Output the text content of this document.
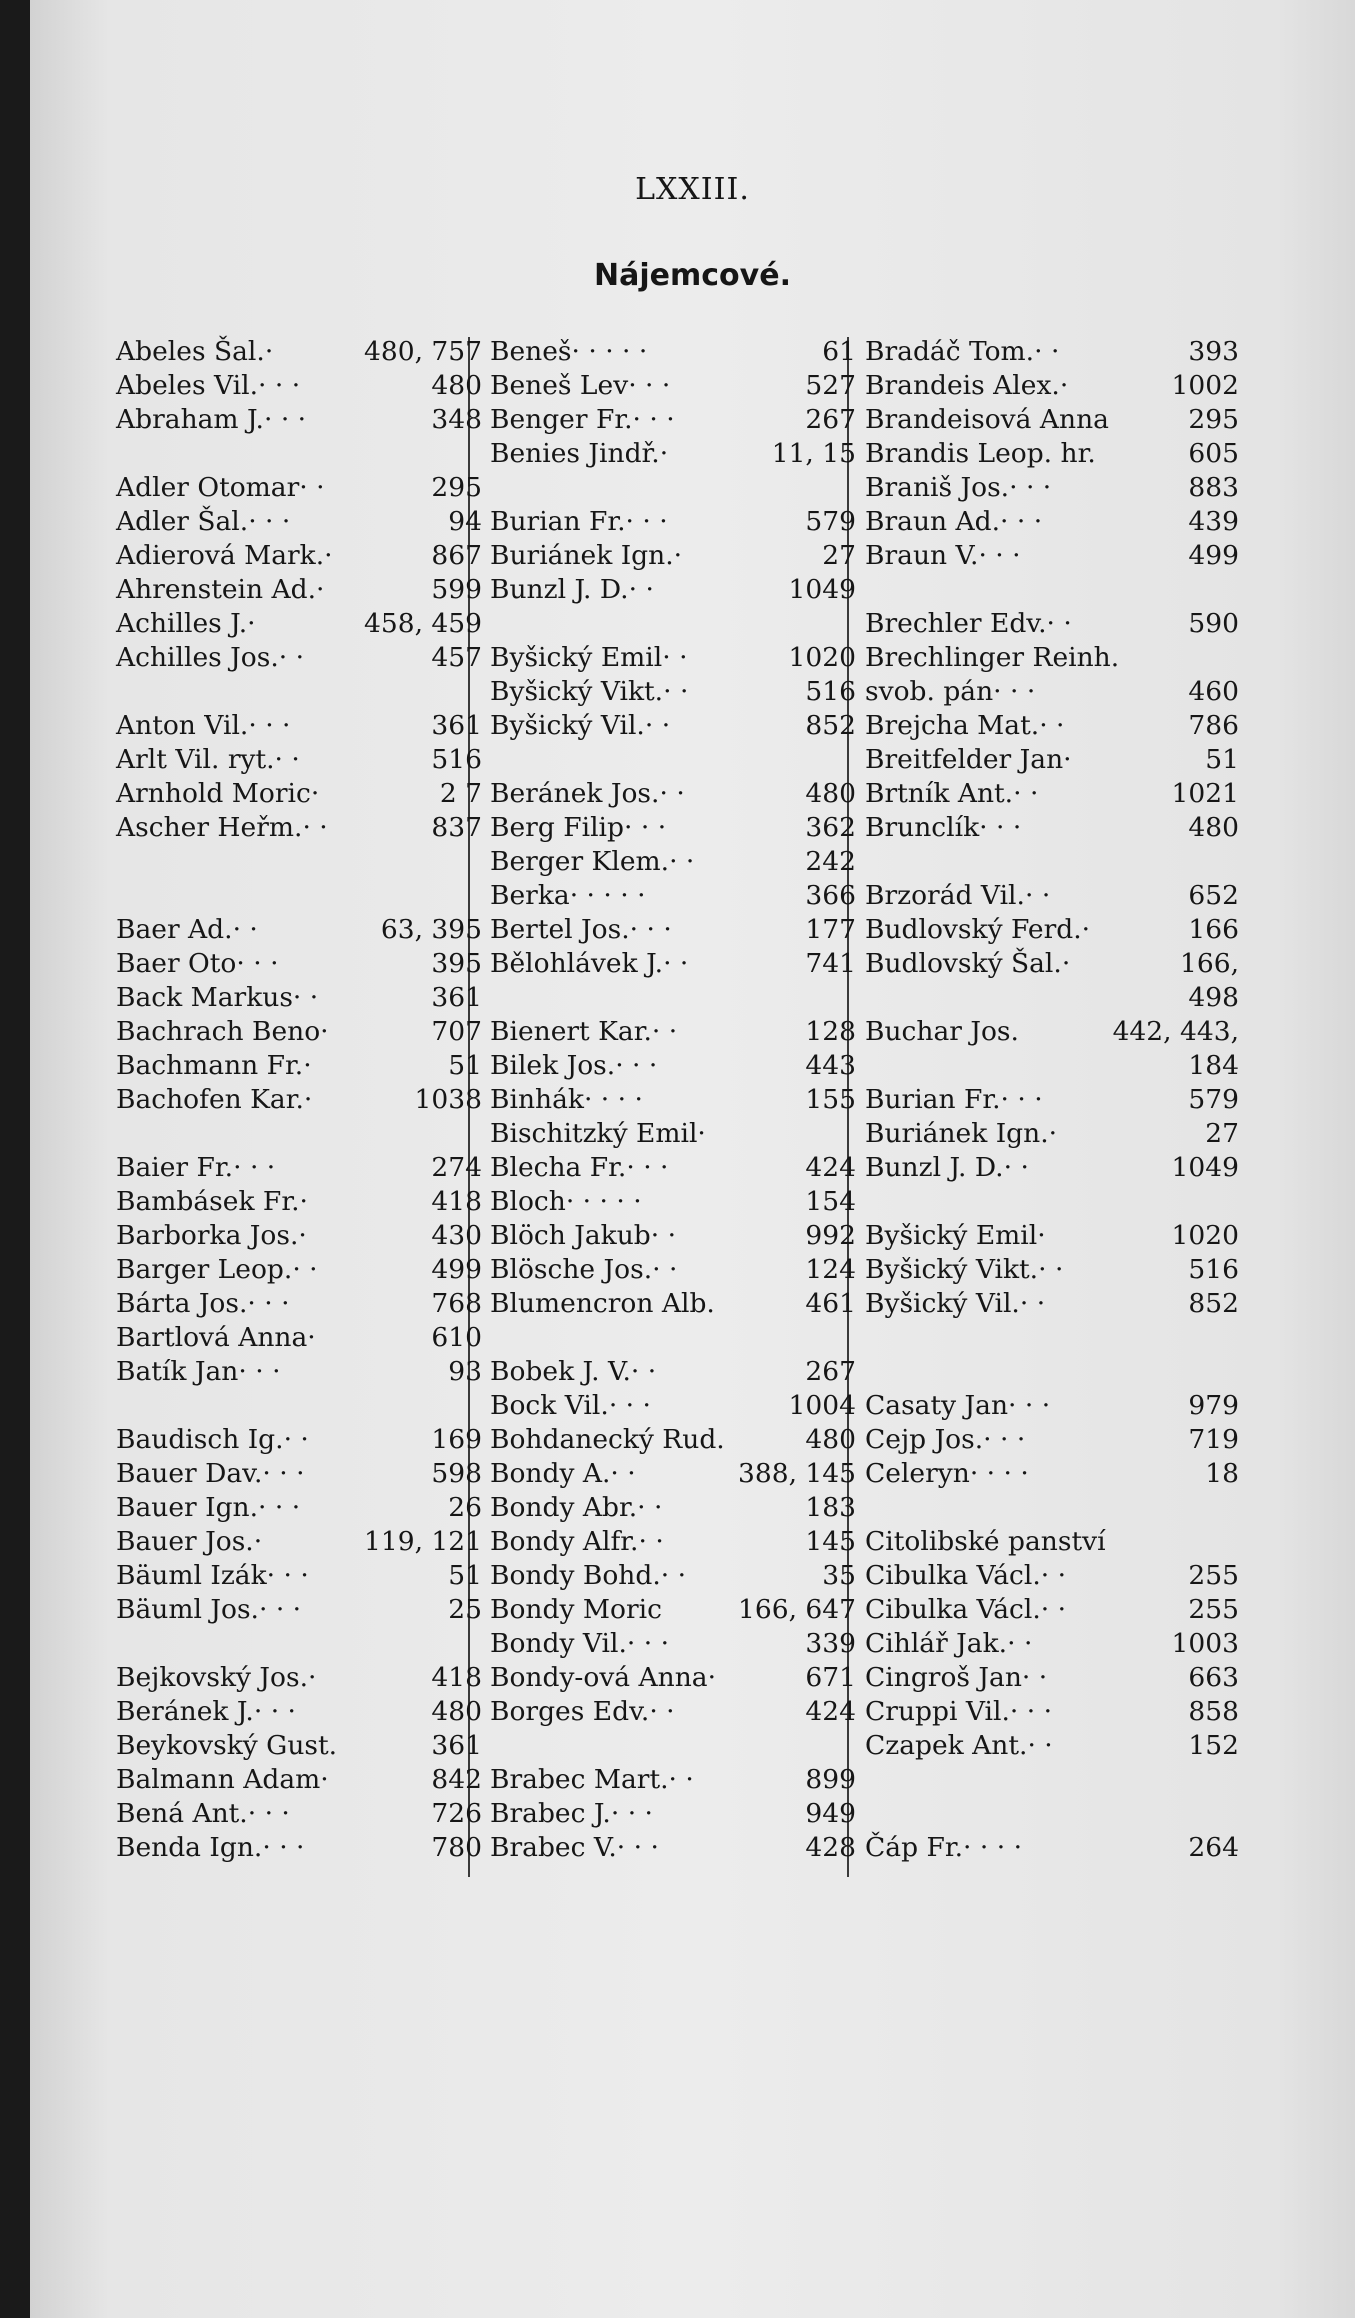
LXXIII.
Nájemcové.
Abeles Šal. ·	480, 757
Abeles Vil. · · ·	480
Abraham J. · · ·	348
Adler Otomar · ·	295
Adler Šal. · · ·	94
Adierová Mark. ·	867
Ahrenstein Ad. ·	599
Achilles J. ·	458, 459
Achilles Jos. · ·	457
Anton Vil. · · ·	361
Arlt Vil. ryt. · ·	516
Arnhold Moric ·	2 7
Ascher Heřm. · ·	837
Baer Ad. · ·	63, 395
Baer Oto · · ·	395
Back Markus · ·	361
Bachrach Beno ·	707
Bachmann Fr. ·	51
Bachofen Kar. ·	1038
Baier Fr. · · ·	274
Bambásek Fr. ·	418
Barborka Jos. ·	430
Barger Leop. · ·	499
Bárta Jos. · · ·	768
Bartlová Anna ·	610
Batík Jan · · ·	93
Baudisch Ig. · ·	169
Bauer Dav. · · ·	598
Bauer Ign. · · ·	26
Bauer Jos. ·	119, 121
Bäuml Izák · · ·	51
Bäuml Jos. · · ·	25
Bejkovský Jos. ·	418
Beránek J. · · ·	480
Beykovský Gust.	361
Balmann Adam ·	842
Bená Ant. · · ·	726
Benda Ign. · · ·	780
Beneš · · · · ·	61
Beneš Lev · · ·	527
Benger Fr. · · ·	267
Benies Jindř. ·	11, 15
Burian Fr. · · ·	579
Buriánek Ign. ·	27
Bunzl J. D. · ·	1049
Byšický Emil · ·	1020
Byšický Vikt. · ·	516
Byšický Vil. · ·	852
Beránek Jos. · ·	480
Berg Filip · · ·	362
Berger Klem. · ·	242
Berka · · · · ·	366
Bertel Jos. · · ·	177
Bělohlávek J. · ·	741
Bienert Kar. · ·	128
Bilek Jos. · · ·	443
Binhák · · · ·	155
Bischitzký Emil ·
Blecha Fr. · · ·	424
Bloch · · · · ·	154
Blöch Jakub · ·	992
Blösche Jos. · ·	124
Blumencron Alb.	461
Bobek J. V. · ·	267
Bock Vil. · · ·	1004
Bohdanecký Rud.	480
Bondy A. · ·	388, 145
Bondy Abr. · ·	183
Bondy Alfr. · ·	145
Bondy Bohd. · ·	35
Bondy Moric	166, 647
Bondy Vil. · · ·	339
Bondy-ová Anna ·	671
Borges Edv. · ·	424
Brabec Mart. · ·	899
Brabec J. · · ·	949
Brabec V. · · ·	428
Bradáč Tom. · ·	393
Brandeis Alex. ·	1002
Brandeisová Anna	295
Brandis Leop. hr.	605
Braniš Jos. · · ·	883
Braun Ad. · · ·	439
Braun V. · · ·	499
Brechler Edv. · ·	590
Brechlinger Reinh.
svob. pán · · ·	460
Brejcha Mat. · ·	786
Breitfelder Jan ·	51
Brtník Ant. · ·	1021
Brunclík · · ·	480
Brzorád Vil. · ·	652
Budlovský Ferd. ·	166
Budlovský Šal. ·	166,
498
Buchar Jos.	442, 443,
184
Burian Fr. · · ·	579
Buriánek Ign. ·	27
Bunzl J. D. · ·	1049
Byšický Emil ·	1020
Byšický Vikt. · ·	516
Byšický Vil. · ·	852
Casaty Jan · · ·	979
Cejp Jos. · · ·	719
Celeryn · · · ·	18
Citolibské panství
Cibulka Václ. · ·	255
Cibulka Václ. · ·	255
Cihlář Jak. · ·	1003
Cingroš Jan · ·	663
Cruppi Vil. · · ·	858
Czapek Ant. · ·	152
Čáp Fr. · · · ·	264
